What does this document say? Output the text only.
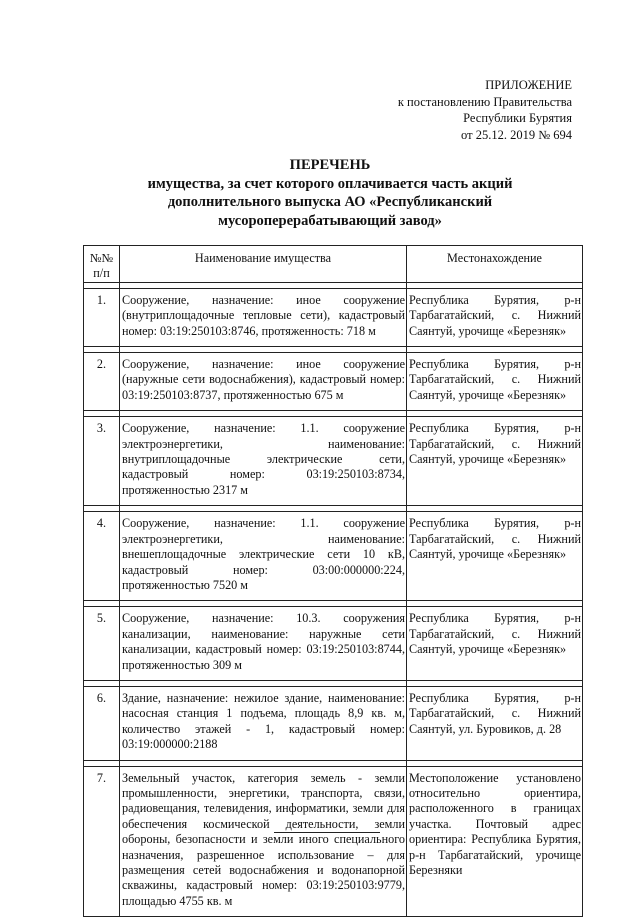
ПРИЛОЖЕНИЕ
к постановлению Правительства
Республики Бурятия
от 25.12. 2019 № 694
ПЕРЕЧЕНЬ
имущества, за счет которого оплачивается часть акций
дополнительного выпуска АО «Республиканский
мусороперерабатывающий завод»
№№
п/п	Наименование имущества	Местонахождение

1.	Сооружение, назначение: иное сооружение (внутриплощадочные тепловые сети), кадастровый номер: 03:19:250103:8746, протяженность: 718 м	Республика Бурятия, р-н Тарбагатайский, с. Нижний Саянтуй, урочище «Березняк»

2.	Сооружение, назначение: иное сооружение (наружные сети водоснабжения), кадастровый номер: 03:19:250103:8737, протяженностью 675 м	Республика Бурятия, р-н Тарбагатайский, с. Нижний Саянтуй, урочище «Березняк»

3.	Сооружение, назначение: 1.1. сооружение электроэнергетики, наименование: внутриплощадочные электрические сети, кадастровый номер: 03:19:250103:8734, протяженностью 2317 м	Республика Бурятия, р-н Тарбагатайский, с. Нижний Саянтуй, урочище «Березняк»

4.	Сооружение, назначение: 1.1. сооружение электроэнергетики, наименование: внешеплощадочные электрические сети 10 кВ, кадастровый номер: 03:00:000000:224, протяженностью 7520 м	Республика Бурятия, р-н Тарбагатайский, с. Нижний Саянтуй, урочище «Березняк»

5.	Сооружение, назначение: 10.3. сооружения канализации, наименование: наружные сети канализации, кадастровый номер: 03:19:250103:8744, протяженностью 309 м	Республика Бурятия, р-н Тарбагатайский, с. Нижний Саянтуй, урочище «Березняк»

6.	Здание, назначение: нежилое здание, наименование: насосная станция 1 подъема, площадь 8,9 кв. м, количество этажей - 1, кадастровый номер: 03:19:000000:2188	Республика Бурятия, р-н Тарбагатайский, с. Нижний Саянтуй, ул. Буровиков, д. 28

7.	Земельный участок, категория земель - земли промышленности, энергетики, транспорта, связи, радиовещания, телевидения, информатики, земли для обеспечения космической деятельности, земли обороны, безопасности и земли иного специального назначения, разрешенное использование – для размещения сетей водоснабжения и водонапорной скважины, кадастровый номер: 03:19:250103:9779, площадью 4755 кв. м	Местоположение установлено относительно ориентира, расположенного в границах участка. Почтовый адрес ориентира: Республика Бурятия, р-н Тарбагатайский, урочище Березняки
